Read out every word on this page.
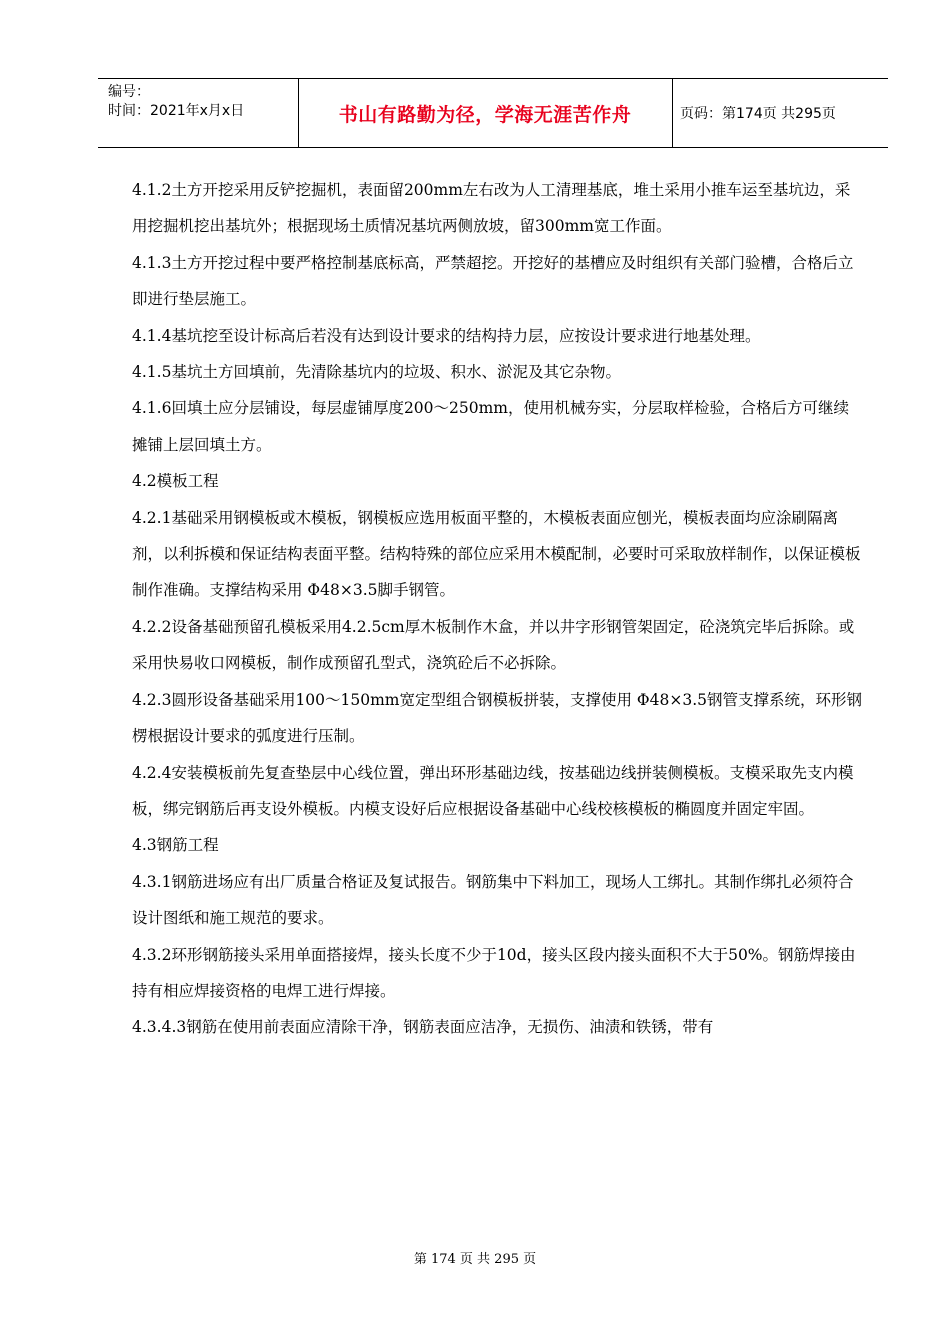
编号：
时间：2021年x月x日	书山有路勤为径，学海无涯苦作舟	页码：第174页 共295页

4.1.2土方开挖采用反铲挖掘机，表面留200mm左右改为人工清理基底，堆土采用小推车运至基坑边，采用挖掘机挖出基坑外；根据现场土质情况基坑两侧放坡，留300mm宽工作面。

4.1.3土方开挖过程中要严格控制基底标高，严禁超挖。开挖好的基槽应及时组织有关部门验槽，合格后立即进行垫层施工。

4.1.4基坑挖至设计标高后若没有达到设计要求的结构持力层，应按设计要求进行地基处理。

4.1.5基坑土方回填前，先清除基坑内的垃圾、积水、淤泥及其它杂物。

4.1.6回填土应分层铺设，每层虚铺厚度200～250mm，使用机械夯实，分层取样检验，合格后方可继续摊铺上层回填土方。

4.2模板工程

4.2.1基础采用钢模板或木模板，钢模板应选用板面平整的，木模板表面应刨光，模板表面均应涂刷隔离剂，以利拆模和保证结构表面平整。结构特殊的部位应采用木模配制，必要时可采取放样制作，以保证模板制作准确。支撑结构采用 Φ48×3.5脚手钢管。

4.2.2设备基础预留孔模板采用4.2.5cm厚木板制作木盒，并以井字形钢管架固定，砼浇筑完毕后拆除。或采用快易收口网模板，制作成预留孔型式，浇筑砼后不必拆除。

4.2.3圆形设备基础采用100～150mm宽定型组合钢模板拼装，支撑使用 Φ48×3.5钢管支撑系统，环形钢楞根据设计要求的弧度进行压制。

4.2.4安装模板前先复查垫层中心线位置，弹出环形基础边线，按基础边线拼装侧模板。支模采取先支内模板，绑完钢筋后再支设外模板。内模支设好后应根据设备基础中心线校核模板的椭圆度并固定牢固。

4.3钢筋工程

4.3.1钢筋进场应有出厂质量合格证及复试报告。钢筋集中下料加工，现场人工绑扎。其制作绑扎必须符合设计图纸和施工规范的要求。

4.3.2环形钢筋接头采用单面搭接焊，接头长度不少于10d，接头区段内接头面积不大于50%。钢筋焊接由持有相应焊接资格的电焊工进行焊接。

4.3.4.3钢筋在使用前表面应清除干净，钢筋表面应洁净，无损伤、油渍和铁锈，带有

第 174 页 共 295 页
